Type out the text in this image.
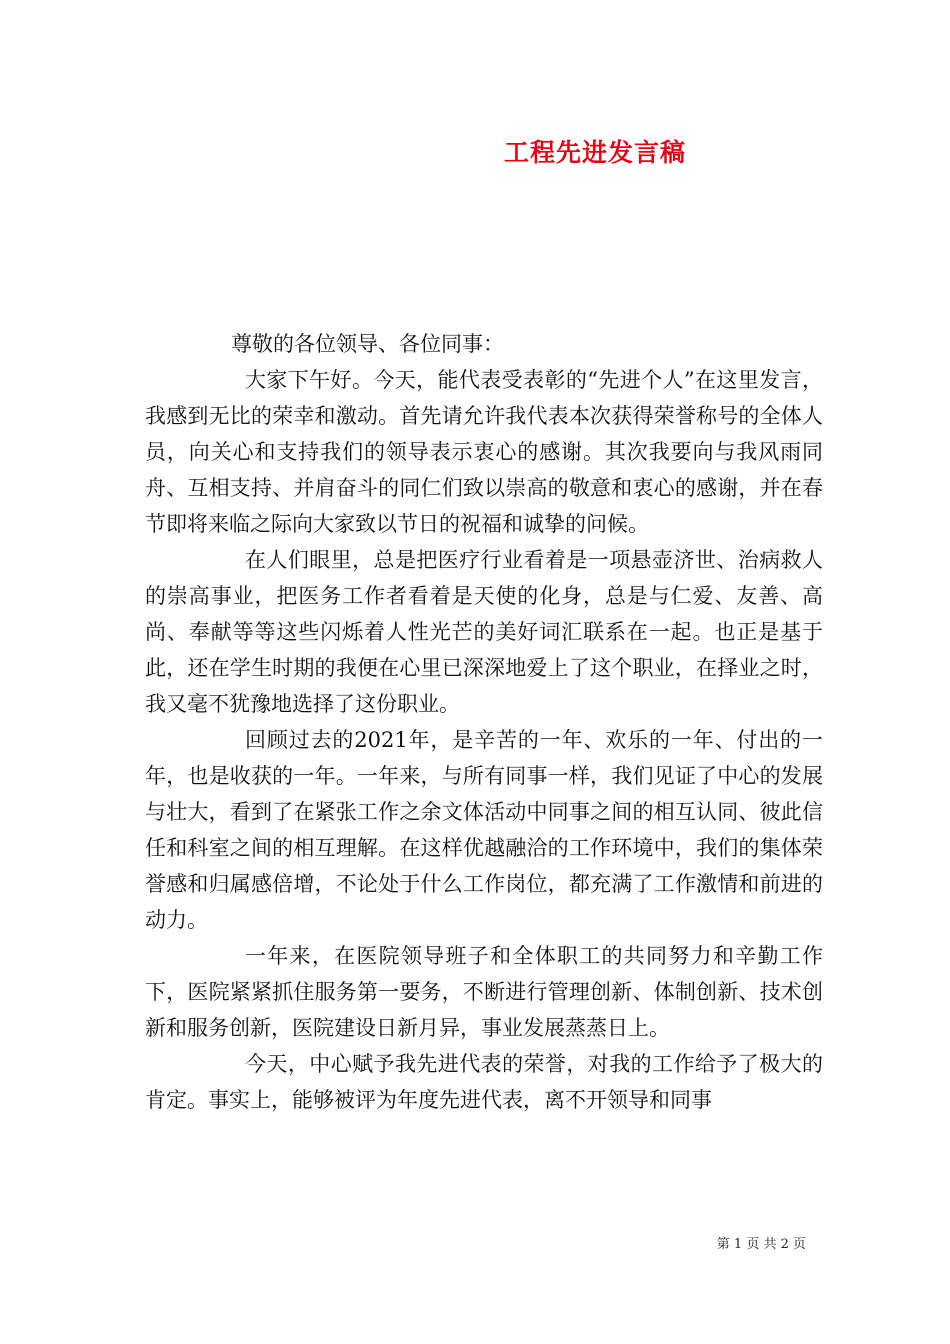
工程先进发言稿
尊敬的各位领导、各位同事：

大家下午好。今天，能代表受表彰的“先进个人”在这里发言，我感到无比的荣幸和激动。首先请允许我代表本次获得荣誉称号的全体人员，向关心和支持我们的领导表示衷心的感谢。其次我要向与我风雨同舟、互相支持、并肩奋斗的同仁们致以崇高的敬意和衷心的感谢，并在春节即将来临之际向大家致以节日的祝福和诚挚的问候。

在人们眼里，总是把医疗行业看着是一项悬壶济世、治病救人的崇高事业，把医务工作者看着是天使的化身，总是与仁爱、友善、高尚、奉献等等这些闪烁着人性光芒的美好词汇联系在一起。也正是基于此，还在学生时期的我便在心里已深深地爱上了这个职业，在择业之时，我又毫不犹豫地选择了这份职业。

回顾过去的2021年，是辛苦的一年、欢乐的一年、付出的一年，也是收获的一年。一年来，与所有同事一样，我们见证了中心的发展与壮大，看到了在紧张工作之余文体活动中同事之间的相互认同、彼此信任和科室之间的相互理解。在这样优越融洽的工作环境中，我们的集体荣誉感和归属感倍增，不论处于什么工作岗位，都充满了工作激情和前进的动力。

一年来，在医院领导班子和全体职工的共同努力和辛勤工作下，医院紧紧抓住服务第一要务，不断进行管理创新、体制创新、技术创新和服务创新，医院建设日新月异，事业发展蒸蒸日上。

今天，中心赋予我先进代表的荣誉，对我的工作给予了极大的肯定。事实上，能够被评为年度先进代表，离不开领导和同事

第 1 页 共 2 页
